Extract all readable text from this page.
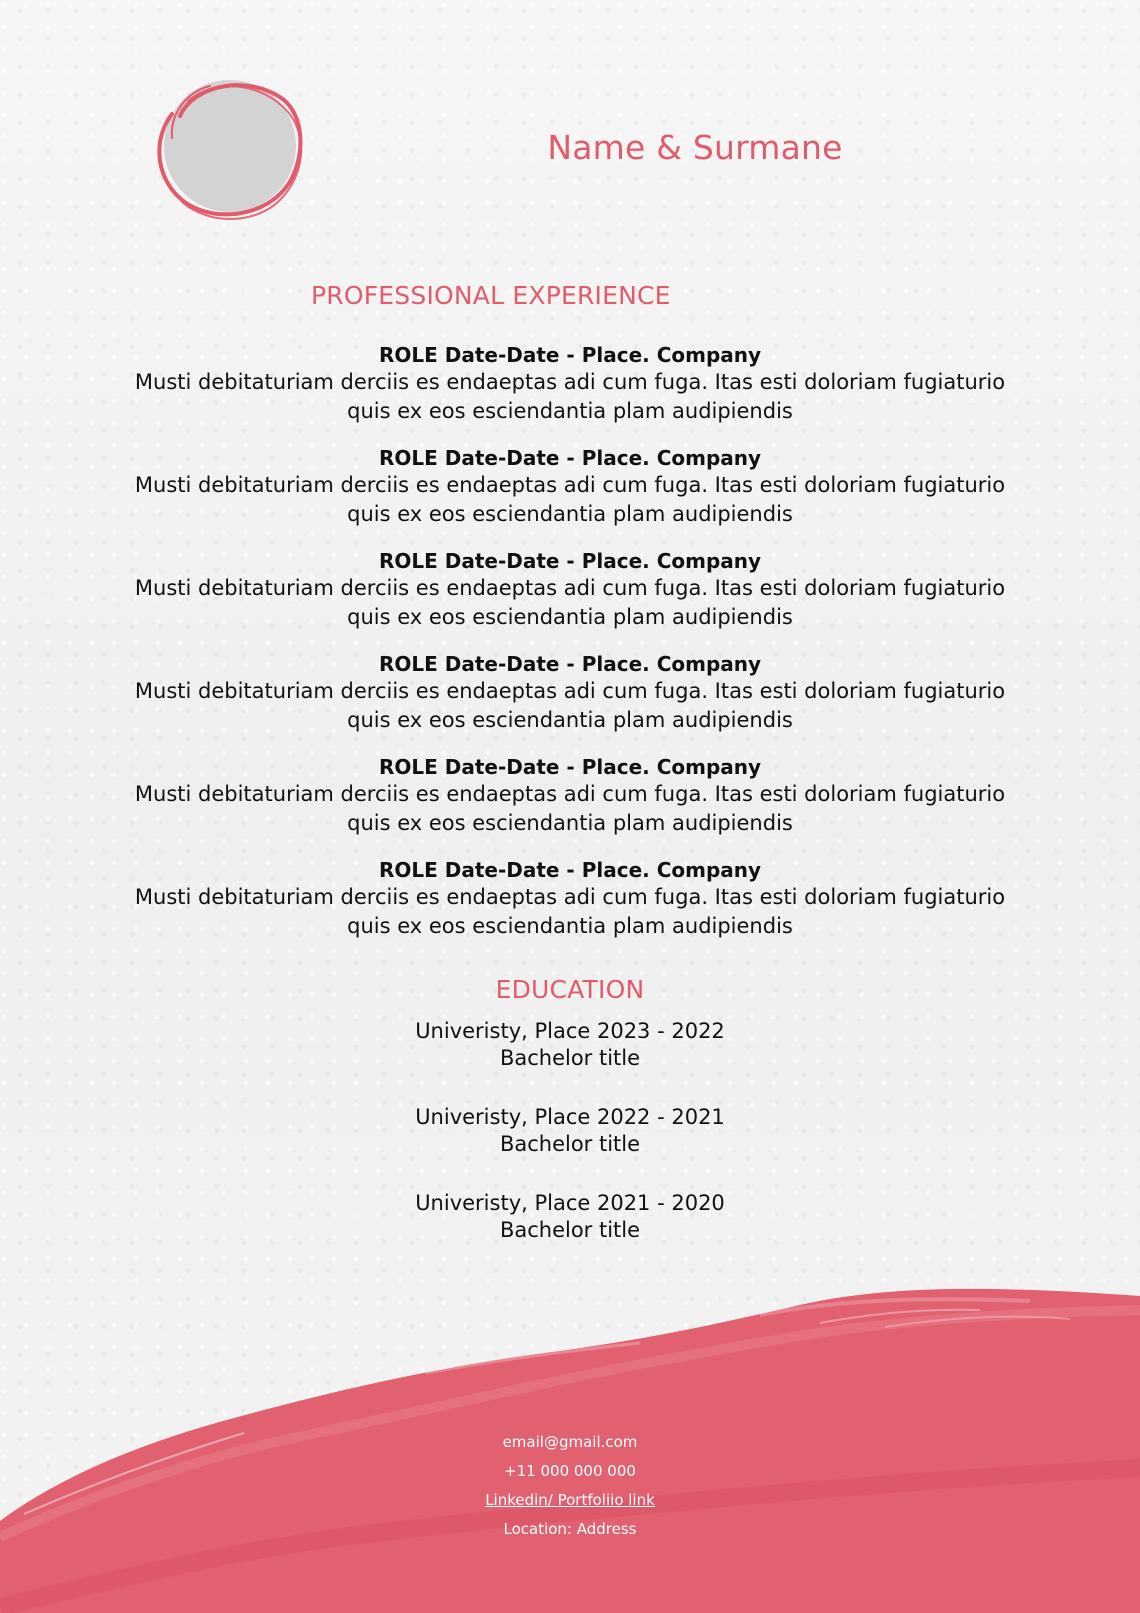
Name & Surmane
PROFESSIONAL EXPERIENCE
ROLE Date-Date - Place. Company
Musti debitaturiam derciis es endaeptas adi cum fuga. Itas esti doloriam fugiaturio
quis ex eos esciendantia plam audipiendis
ROLE Date-Date - Place. Company
Musti debitaturiam derciis es endaeptas adi cum fuga. Itas esti doloriam fugiaturio
quis ex eos esciendantia plam audipiendis
ROLE Date-Date - Place. Company
Musti debitaturiam derciis es endaeptas adi cum fuga. Itas esti doloriam fugiaturio
quis ex eos esciendantia plam audipiendis
ROLE Date-Date - Place. Company
Musti debitaturiam derciis es endaeptas adi cum fuga. Itas esti doloriam fugiaturio
quis ex eos esciendantia plam audipiendis
ROLE Date-Date - Place. Company
Musti debitaturiam derciis es endaeptas adi cum fuga. Itas esti doloriam fugiaturio
quis ex eos esciendantia plam audipiendis
ROLE Date-Date - Place. Company
Musti debitaturiam derciis es endaeptas adi cum fuga. Itas esti doloriam fugiaturio
quis ex eos esciendantia plam audipiendis
EDUCATION
Univeristy, Place 2023 - 2022
Bachelor title
Univeristy, Place 2022 - 2021
Bachelor title
Univeristy, Place 2021 - 2020
Bachelor title
email@gmail.com
+11 000 000 000
Linkedin/ Portfoliio link
Location: Address
